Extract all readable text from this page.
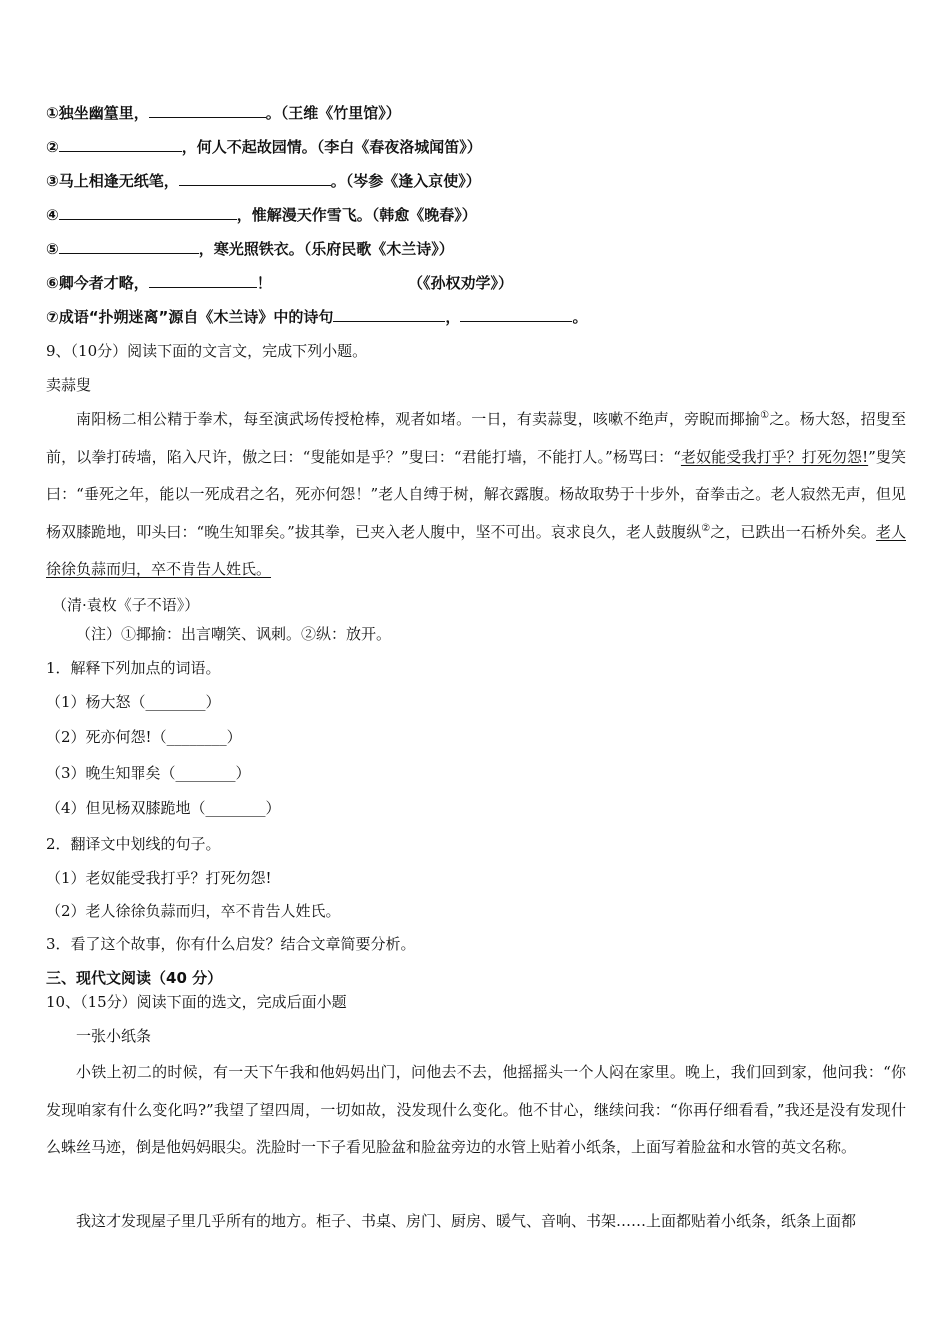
①独坐幽篁里，	。（王维《竹里馆》）
②	，何人不起故园情。（李白《春夜洛城闻笛》）
③马上相逢无纸笔，	。（岑参《逢入京使》）
④	，惟解漫天作雪飞。（韩愈《晚春》）
⑤	，寒光照铁衣。（乐府民歌《木兰诗》）
⑥卿今者才略，	！	（《孙权劝学》）
⑦成语“扑朔迷离”源自《木兰诗》中的诗句	，	。
9、（10分）阅读下面的文言文，完成下列小题。
卖蒜叟
南阳杨二相公精于拳术，每至演武场传授枪棒，观者如堵。一日，有卖蒜叟，咳嗽不绝声，旁睨而揶揄①之。杨大怒，招叟至前，以拳打砖墙，陷入尺许，傲之曰：“叟能如是乎？”叟曰：“君能打墙，不能打人。”杨骂曰：“老奴能受我打乎？打死勿怨!”叟笑曰：“垂死之年，能以一死成君之名，死亦何怨！”老人自缚于树，解衣露腹。杨故取势于十步外，奋拳击之。老人寂然无声，但见杨双膝跪地，叩头曰：“晚生知罪矣。”拔其拳，已夹入老人腹中，坚不可出。哀求良久，老人鼓腹纵②之，已跌出一石桥外矣。老人徐徐负蒜而归，卒不肯告人姓氏。
（清·袁枚《子不语》）
（注）①揶揄：出言嘲笑、讽刺。②纵：放开。
1．解释下列加点的词语。
（1）杨大怒（________）
（2）死亦何怨!（________）
（3）晚生知罪矣（________）
（4）但见杨双膝跪地（________）
2．翻译文中划线的句子。
（1）老奴能受我打乎？打死勿怨!
（2）老人徐徐负蒜而归，卒不肯告人姓氏。
3．看了这个故事，你有什么启发？结合文章简要分析。
三、现代文阅读（40 分）
10、（15分）阅读下面的选文，完成后面小题
一张小纸条
小铁上初二的时候，有一天下午我和他妈妈出门，问他去不去，他摇摇头一个人闷在家里。晚上，我们回到家，他问我：“你发现咱家有什么变化吗?”我望了望四周，一切如故，没发现什么变化。他不甘心，继续问我：“你再仔细看看，”我还是没有发现什么蛛丝马迹，倒是他妈妈眼尖。洗脸时一下子看见脸盆和脸盆旁边的水管上贴着小纸条，上面写着脸盆和水管的英文名称。
我这才发现屋子里几乎所有的地方。柜子、书桌、房门、厨房、暖气、音响、书架……上面都贴着小纸条，纸条上面都
